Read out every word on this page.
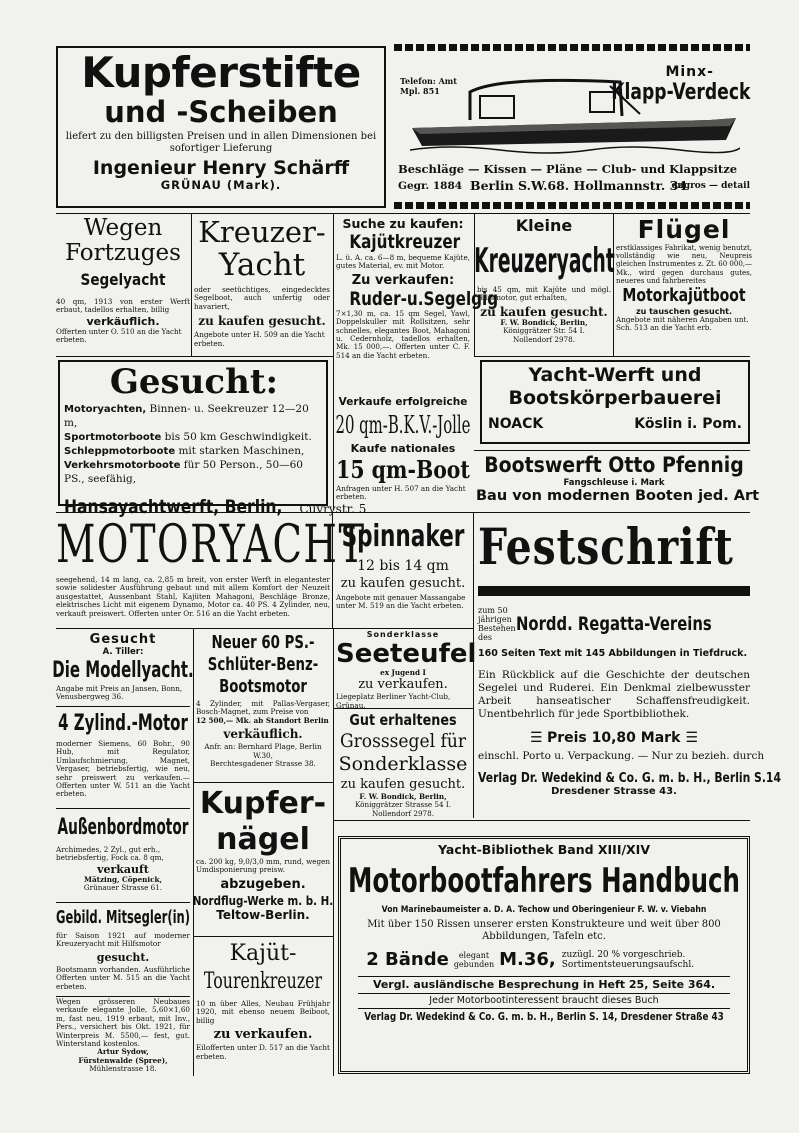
Kupferstifte
und -Scheiben
liefert zu den billigsten Preisen und in allen Dimensionen bei sofortiger Lieferung
Ingenieur Henry Schärff
GRÜNAU (Mark).
Telefon: Amt Mpl. 851
Minx-
Klapp-Verdeck
Beschläge — Kissen — Pläne — Club- und Klappsitze
Gegr. 1884 Berlin S.W.68. Hollmannstr. 34
engros — detail
Wegen
Fortzuges
Segelyacht
40 qm, 1913 von erster Werft erbaut, tadellos erhalten, billig
verkäuflich.
Offerten unter O. 510 an die Yacht erbeten.
Kreuzer-
Yacht
oder seetüchtiges, eingedecktes Segelboot, auch unfertig oder havariert,
zu kaufen gesucht.
Angebote unter H. 509 an die Yacht erbeten.
Suche zu kaufen:
Kajütkreuzer
L. ü. A. ca. 6—8 m, bequeme Kajüte, gutes Material, ev. mit Motor.
Zu verkaufen:
Ruder-u.Segelgig
7×1,30 m, ca. 15 qm Segel, Yawl, Doppelskuller mit Rollsitzen, sehr schnelles, elegantes Boot, Mahagoni u. Cedernholz, tadellos erhalten, Mk. 15 000,—. Offerten unter C. F. 514 an die Yacht erbeten.
Kleine
Kreuzeryacht
bis 45 qm, mit Kajüte und mögl. Hilfsmotor, gut erhalten,
zu kaufen gesucht.
F. W. Bondick, Berlin,
Königgrätzer Str. 54 I.
Nollendorf 2978.
Flügel
erstklassiges Fabrikat, wenig benutzt, vollständig wie neu, Neupreis gleichen Instrumentes z. Zt. 60 000,— Mk., wird gegen durchaus gutes, neueres und fahrbereites
Motorkajütboot
zu tauschen gesucht.
Angebote mit näheren Angaben unt. Sch. 513 an die Yacht erb.
Gesucht:
Motoryachten, Binnen- u. Seekreuzer 12—20 m,
Sportmotorboote bis 50 km Geschwindigkeit.
Schleppmotorboote mit starken Maschinen,
Verkehrsmotorboote für 50 Person., 50—60 PS., seefähig,
Hansayachtwerft, Berlin, Cuvrystr. 5
Verkaufe erfolgreiche
20 qm-B.K.V.-Jolle
Kaufe nationales
15 qm-Boot
Anfragen unter H. 507 an die Yacht erbeten.
Yacht-Werft und
Bootskörperbauerei
NOACK	Köslin i. Pom.
Bootswerft Otto Pfennig
Fangschleuse i. Mark
Bau von modernen Booten jed. Art
MOTORYACHT
seegehend, 14 m lang, ca. 2,85 m breit, von erster Werft in elegantester sowie solidester Ausführung gebaut und mit allem Komfort der Neuzeit ausgestattet, Aussenbant Stahl, Kajüten Mahagoni, Beschläge Bronze, elektrisches Licht mit eigenem Dynamo, Motor ca. 40 PS. 4 Zylinder, neu, verkauft preiswert. Offerten unter Or. 516 an die Yacht erbeten.
Spinnaker
12 bis 14 qm
zu kaufen gesucht.
Angebote mit genauer Massangabe unter M. 519 an die Yacht erbeten.
Festschrift
zum 50 jährigen
Bestehen des
Nordd. Regatta-Vereins
160 Seiten Text mit 145 Abbildungen in Tiefdruck.
Ein Rückblick auf die Geschichte der deutschen Segelei und Ruderei. Ein Denkmal zielbewusster Arbeit hanseatischer Schaffensfreudigkeit. Unentbehrlich für jede Sportbibliothek.
☰ Preis 10,80 Mark ☰
einschl. Porto u. Verpackung. — Nur zu bezieh. durch
Verlag Dr. Wedekind & Co. G. m. b. H., Berlin S.14
Dresdener Strasse 43.
Gesucht
A. Tiller:
Die Modellyacht.
Angabe mit Preis an Jansen, Bonn, Venusbergweg 36.
4 Zylind.-Motor
moderner Siemens, 60 Bohr., 90 Hub, mit Regulator, Umlaufschmierung, Magnet, Vergaser, betriebsfertig, wie neu, sehr preiswert zu verkaufen.— Offerten unter W. 511 an die Yacht erbeten.
Außenbordmotor
Archimedes, 2 Zyl., gut erh., betriebsfertig, Fock ca. 8 qm,
verkauft
Mätzing, Cöpenick,
Grünauer Strasse 61.
Gebild. Mitsegler(in)
für Saison 1921 auf moderner Kreuzeryacht mit Hilfsmotor
gesucht.
Bootsmann vorhanden. Ausführliche Offerten unter M. 515 an die Yacht erbeten.
Wegen grösseren Neubaues verkaufe elegante Jolle, 5,60×1,60 m, fast neu, 1919 erbaut, mit Inv., Pers., versichert bis Okt. 1921, für Winterpreis M. 5500,— fest, gut. Winterstand kostenlos.
Artur Sydow,
Fürstenwalde (Spree),
Mühlenstrasse 18.
Neuer 60 PS.-
Schlüter-Benz-
Bootsmotor
4 Zylinder, mit Pallas-Vergaser, Bosch-Magnet, zum Preise von
12 500,— Mk. ab Standort Berlin
verkäuflich.
Anfr. an: Bernhard Plage, Berlin W.30,
Berchtesgadener Strasse 38.
Kupfer-
nägel
ca. 200 kg, 9,0/3,0 mm, rund, wegen Umdisponierung preisw.
abzugeben.
Nordflug-Werke m. b. H.
Teltow-Berlin.
Kajüt-
Tourenkreuzer
10 m über Alles, Neubau Frühjahr 1920, mit ebenso neuem Beiboot, billig
zu verkaufen.
Eilofferten unter D. 517 an die Yacht erbeten.
Sonderklasse
Seeteufel
ex Jugend I
zu verkaufen.
Liegeplatz Berliner Yacht-Club, Grünau.
Gut erhaltenes
Grosssegel für
Sonderklasse
zu kaufen gesucht.
F. W. Bondick, Berlin,
Königgrätzer Strasse 54 I.
Nollendorf 2978.
Yacht-Bibliothek Band XIII/XIV
Motorbootfahrers Handbuch
Von Marinebaumeister a. D. A. Techow und Oberingenieur F. W. v. Viebahn
Mit über 150 Rissen unserer ersten Konstrukteure und weit über 800 Abbildungen, Tafeln etc.
2 Bände	elegant
gebunden M.36, zuzügl. 20 % vorgeschrieb. Sortimentsteuerungsaufschl.
Vergl. ausländische Besprechung in Heft 25, Seite 364.
Jeder Motorbootinteressent braucht dieses Buch
Verlag Dr. Wedekind & Co. G. m. b. H., Berlin S. 14, Dresdener Straße 43
